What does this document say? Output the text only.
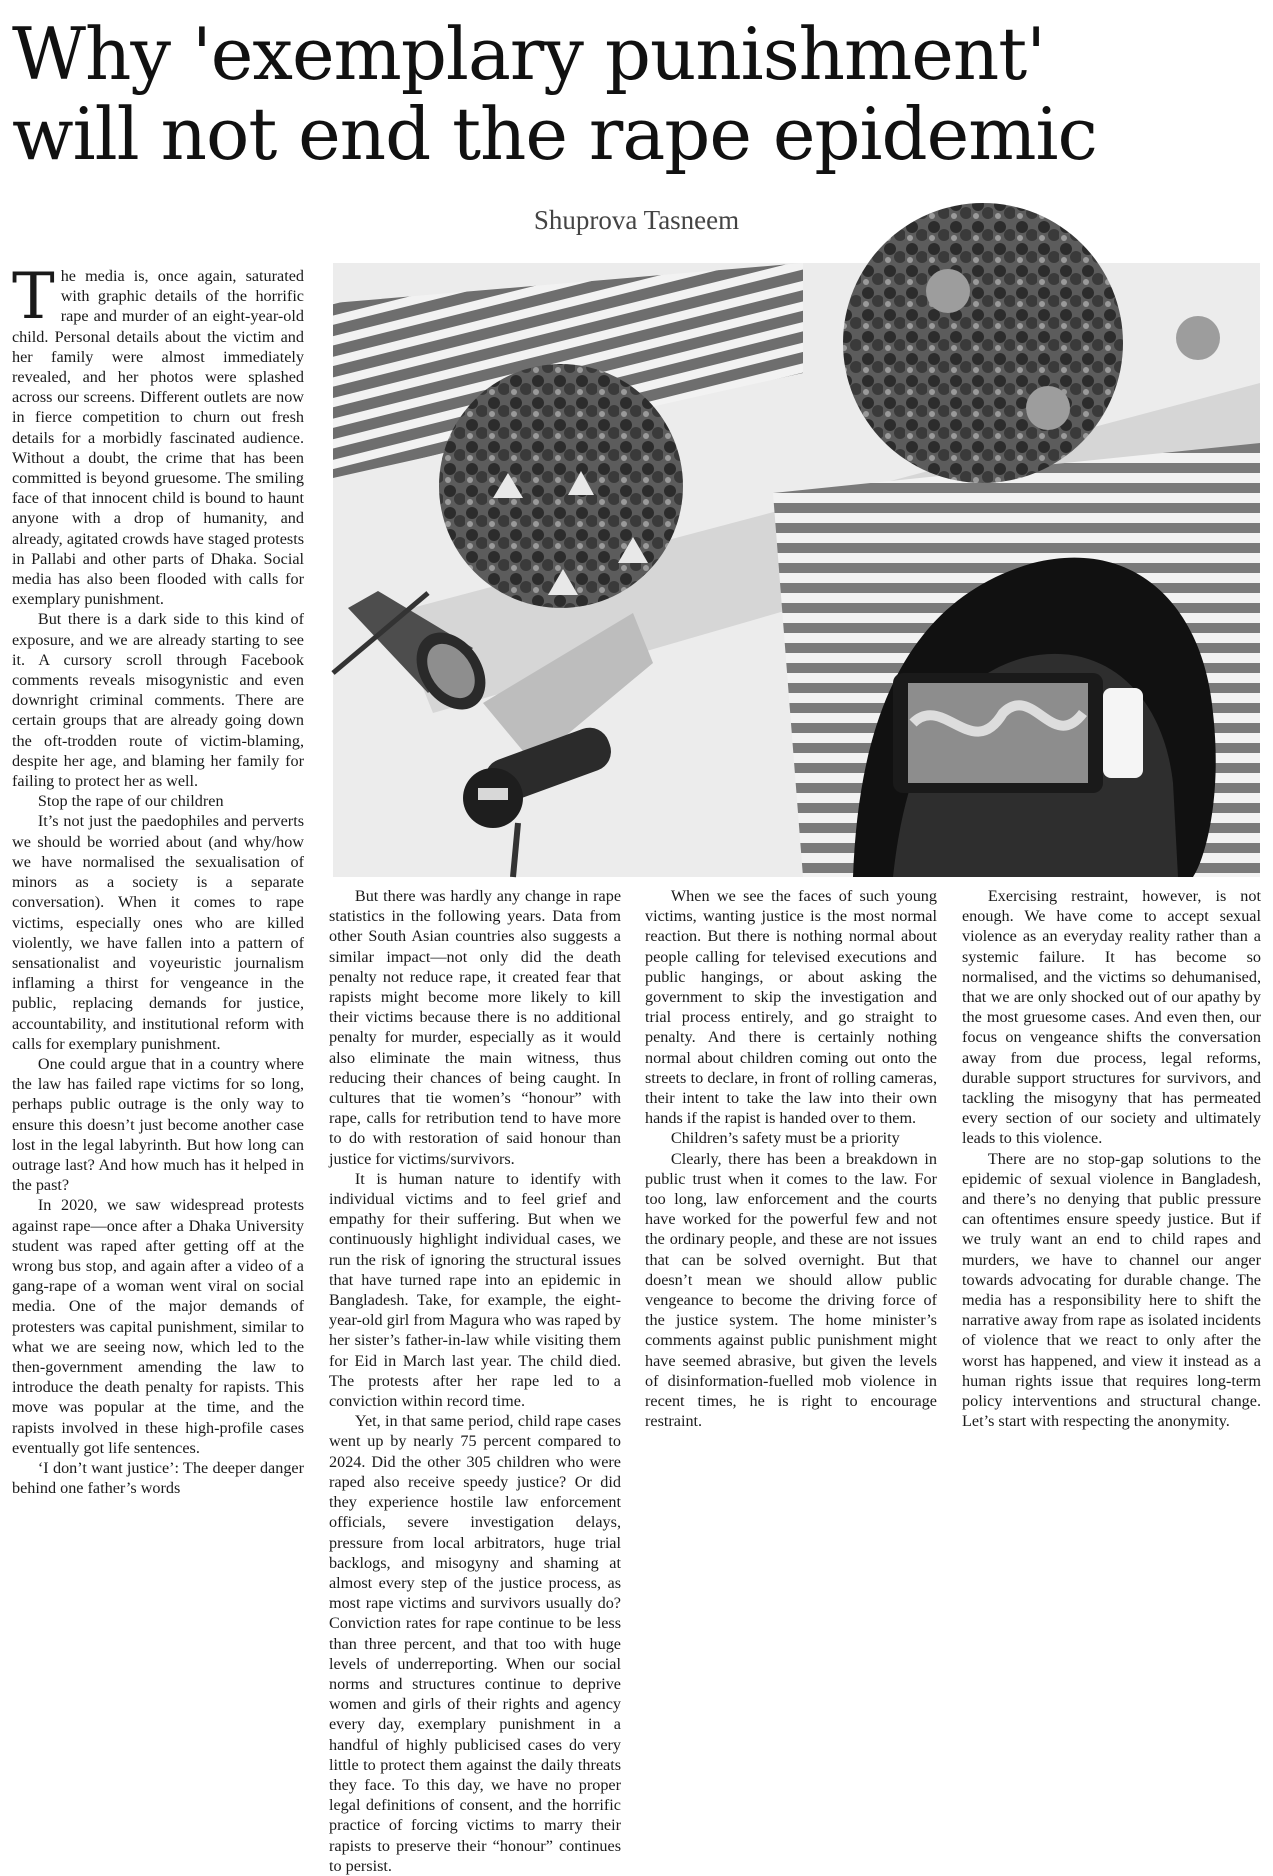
Why 'exemplary punishment'
will not end the rape epidemic

Shuprova Tasneem

The media is, once again, saturated with graphic details of the horrific rape and murder of an eight-year-old child. Personal details about the victim and her family were almost immediately revealed, and her photos were splashed across our screens. Different outlets are now in fierce competition to churn out fresh details for a morbidly fascinated audience. Without a doubt, the crime that has been committed is beyond gruesome. The smiling face of that innocent child is bound to haunt anyone with a drop of humanity, and already, agitated crowds have staged protests in Pallabi and other parts of Dhaka. Social media has also been flooded with calls for exemplary punishment.

But there is a dark side to this kind of exposure, and we are already starting to see it. A cursory scroll through Facebook comments reveals misogynistic and even downright criminal comments. There are certain groups that are already going down the oft-trodden route of victim-blaming, despite her age, and blaming her family for failing to protect her as well.

Stop the rape of our children

It’s not just the paedophiles and perverts we should be worried about (and why/how we have normalised the sexualisation of minors as a society is a separate conversation). When it comes to rape victims, especially ones who are killed violently, we have fallen into a pattern of sensationalist and voyeuristic journalism inflaming a thirst for vengeance in the public, replacing demands for justice, accountability, and institutional reform with calls for exemplary punishment.

One could argue that in a country where the law has failed rape victims for so long, perhaps public outrage is the only way to ensure this doesn’t just become another case lost in the legal labyrinth. But how long can outrage last? And how much has it helped in the past?

In 2020, we saw widespread protests against rape—once after a Dhaka University student was raped after getting off at the wrong bus stop, and again after a video of a gang-rape of a woman went viral on social media. One of the major demands of protesters was capital punishment, similar to what we are seeing now, which led to the then-government amending the law to introduce the death penalty for rapists. This move was popular at the time, and the rapists involved in these high-profile cases eventually got life sentences.

‘I don’t want justice’: The deeper danger behind one father’s words

But there was hardly any change in rape statistics in the following years. Data from other South Asian countries also suggests a similar impact—not only did the death penalty not reduce rape, it created fear that rapists might become more likely to kill their victims because there is no additional penalty for murder, especially as it would also eliminate the main witness, thus reducing their chances of being caught. In cultures that tie women’s “honour” with rape, calls for retribution tend to have more to do with restoration of said honour than justice for victims/survivors.

It is human nature to identify with individual victims and to feel grief and empathy for their suffering. But when we continuously highlight individual cases, we run the risk of ignoring the structural issues that have turned rape into an epidemic in Bangladesh. Take, for example, the eight-year-old girl from Magura who was raped by her sister’s father-in-law while visiting them for Eid in March last year. The child died. The protests after her rape led to a conviction within record time.

Yet, in that same period, child rape cases went up by nearly 75 percent compared to 2024. Did the other 305 children who were raped also receive speedy justice? Or did they experience hostile law enforcement officials, severe investigation delays, pressure from local arbitrators, huge trial backlogs, and misogyny and shaming at almost every step of the justice process, as most rape victims and survivors usually do? Conviction rates for rape continue to be less than three percent, and that too with huge levels of underreporting. When our social norms and structures continue to deprive women and girls of their rights and agency every day, exemplary punishment in a handful of highly publicised cases do very little to protect them against the daily threats they face. To this day, we have no proper legal definitions of consent, and the horrific practice of forcing victims to marry their rapists to preserve their “honour” continues to persist.

When we see the faces of such young victims, wanting justice is the most normal reaction. But there is nothing normal about people calling for televised executions and public hangings, or about asking the government to skip the investigation and trial process entirely, and go straight to penalty. And there is certainly nothing normal about children coming out onto the streets to declare, in front of rolling cameras, their intent to take the law into their own hands if the rapist is handed over to them.

Children’s safety must be a priority

Clearly, there has been a breakdown in public trust when it comes to the law. For too long, law enforcement and the courts have worked for the powerful few and not the ordinary people, and these are not issues that can be solved overnight. But that doesn’t mean we should allow public vengeance to become the driving force of the justice system. The home minister’s comments against public punishment might have seemed abrasive, but given the levels of disinformation-fuelled mob violence in recent times, he is right to encourage restraint.

Exercising restraint, however, is not enough. We have come to accept sexual violence as an everyday reality rather than a systemic failure. It has become so normalised, and the victims so dehumanised, that we are only shocked out of our apathy by the most gruesome cases. And even then, our focus on vengeance shifts the conversation away from due process, legal reforms, durable support structures for survivors, and tackling the misogyny that has permeated every section of our society and ultimately leads to this violence.

There are no stop-gap solutions to the epidemic of sexual violence in Bangladesh, and there’s no denying that public pressure can oftentimes ensure speedy justice. But if we truly want an end to child rapes and murders, we have to channel our anger towards advocating for durable change. The media has a responsibility here to shift the narrative away from rape as isolated incidents of violence that we react to only after the worst has happened, and view it instead as a human rights issue that requires long-term policy interventions and structural change. Let’s start with respecting the anonymity.
